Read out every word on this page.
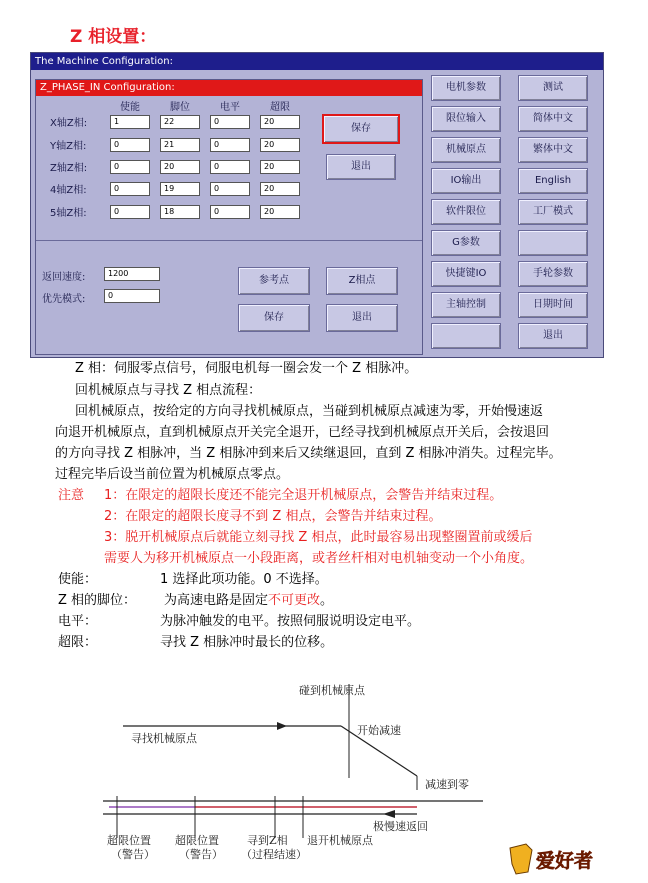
Z 相设置：
The Machine Configuration:
Z_PHASE_IN Configuration:
使能	脚位	电平	超限
X轴Z相:	1	22	0	20
Y轴Z相:	0	21	0	20
Z轴Z相:	0	20	0	20
4轴Z相:	0	19	0	20
5轴Z相:	0	18	0	20
保存
退出
返回速度:	1200
优先模式:	0
参考点	Z相点
保存	退出
电机参数
限位输入
机械原点
IO输出
软件限位
G参数
快捷键IO
主轴控制
测试
简体中文
繁体中文
English
工厂模式
手轮参数
日期时间
退出

Z 相：伺服零点信号，伺服电机每一圈会发一个 Z 相脉冲。

回机械原点与寻找 Z 相点流程：

回机械原点，按给定的方向寻找机械原点，当碰到机械原点减速为零，开始慢速返

向退开机械原点，直到机械原点开关完全退开，已经寻找到机械原点开关后，会按退回

的方向寻找 Z 相脉冲，当 Z 相脉冲到来后又续继退回，直到 Z 相脉冲消失。过程完毕。

过程完毕后设当前位置为机械原点零点。

注意 1：在限定的超限长度还不能完全退开机械原点，会警告并结束过程。

2：在限定的超限长度寻不到 Z 相点，会警告并结束过程。

3：脱开机械原点后就能立刻寻找 Z 相点，此时最容易出现整圈置前或缓后

需要人为移开机械原点一小段距离，或者丝杆相对电机轴变动一个小角度。

使能：	1 选择此项功能。0 不选择。

Z 相的脚位： 为高速电路是固定不可更改。

电平：	为脉冲触发的电平。按照伺服说明设定电平。

超限：	寻找 Z 相脉冲时最长的位移。

碰到机械原点
寻找机械原点
开始减速
减速到零
极慢速返回
超限位置
（警告）
超限位置
（警告）
寻到Z相
（过程结速）
退开机械原点
爱好者
